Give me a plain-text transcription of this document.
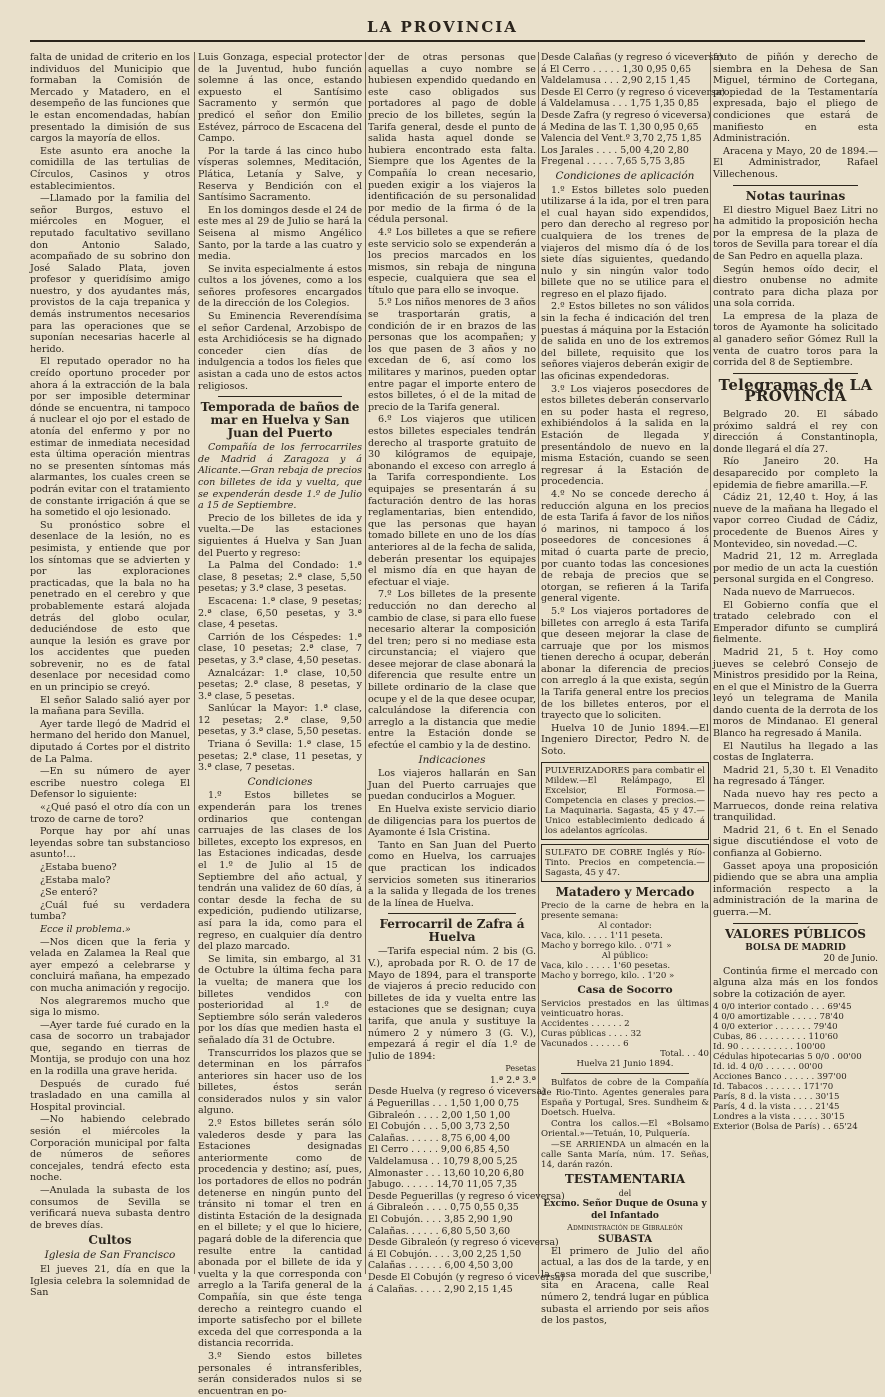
LA PROVINCIA

falta de unidad de criterio en los individuos del Municipio que formaban la Comisión de Mercado y Matadero, en el desempeño de las funciones que le estan encomendadas, habían presentado la dimisión de sus cargos la mayoría de ellos.

Este asunto era anoche la comidilla de las tertulias de Círculos, Casinos y otros establecimientos.

—Llamado por la familia del señor Burgos, estuvo el miércoles en Moguer, el reputado facultativo sevillano don Antonio Salado, acompañado de su sobrino don José Salado Plata, joven profesor y queridísimo amigo nuestro, y dos ayudantes más, provistos de la caja trepanica y demás instrumentos necesarios para las operaciones que se suponían necesarias hacerle al herido.

El reputado operador no ha creído oportuno proceder por ahora á la extracción de la bala por ser imposible determinar dónde se encuentra, ni tampoco á nuclear el ojo por el estado de atonía del enfermo y por no estimar de inmediata necesidad esta última operación mientras no se presenten síntomas más alarmantes, los cuales creen se podrán evitar con el tratamiento de constante irrigación á que se ha sometido el ojo lesionado.

Su pronóstico sobre el desenlace de la lesión, no es pesimista, y entiende que por los síntomas que se advierten y por las exploraciones practicadas, que la bala no ha penetrado en el cerebro y que probablemente estará alojada detrás del globo ocular, deduciéndose de esto que aunque la lesión es grave por los accidentes que pueden sobrevenir, no es de fatal desenlace por necesidad como en un principio se creyó.

El señor Salado salió ayer por la mañana para Sevilla.

Ayer tarde llegó de Madrid el hermano del herido don Manuel, diputado á Cortes por el distrito de La Palma.

—En su número de ayer escribe nuestro colega El Defensor lo siguiente:

«¿Qué pasó el otro día con un trozo de carne de toro?

Porque hay por ahí unas leyendas sobre tan substancioso asunto!...

¿Estaba bueno?

¿Estaba malo?

¿Se enteró?

¿Cuál fué su verdadera tumba?

Ecce il problema.»

—Nos dicen que la feria y velada en Zalamea la Real que ayer empezó a celebrarse y concluirá mañana, ha empezado con mucha animación y regocijo.

Nos alegraremos mucho que siga lo mismo.

—Ayer tarde fué curado en la casa de socorro un trabajador que, segando en tierras de Montija, se produjo con una hoz en la rodilla una grave herida.

Después de curado fué trasladado en una camilla al Hospital provincial.

—No habiendo celebrado sesión el miércoles la Corporación municipal por falta de números de señores concejales, tendrá efecto esta noche.

—Anulada la subasta de los consumos de Sevilla se verificará nueva subasta dentro de breves días.

Cultos
Iglesia de San Francisco

El jueves 21, día en que la Iglesia celebra la solemnidad de San

Luis Gonzaga, especial protector de la Juventud, hubo función solemne á las once, estando expuesto el Santísimo Sacramento y sermón que predicó el señor don Emilio Estévez, párroco de Escacena del Campo.

Por la tarde á las cinco hubo vísperas solemnes, Meditación, Plática, Letanía y Salve, y Reserva y Bendición con el Santísimo Sacramento.

En los domingos desde el 24 de este mes al 29 de Julio se hará la Seisena al mismo Angélico Santo, por la tarde a las cuatro y media.

Se invita especialmente á estos cultos a los jóvenes, como a los señores profesores encargados de la dirección de los Colegios.

Su Eminencia Reverendísima el señor Cardenal, Arzobispo de esta Archidiócesis se ha dignado conceder cien días de indulgencia a todos los fieles que asistan a cada uno de estos actos religiosos.

Temporada de baños de mar en Huelva y San Juan del Puerto

Compañía de los ferrocarriles de Madrid á Zaragoza y á Alicante.—Gran rebaja de precios con billetes de ida y vuelta, que se expenderán desde 1.º de Julio a 15 de Septiembre.

Precio de los billetes de ida y vuelta.—De las estaciones siguientes á Huelva y San Juan del Puerto y regreso:

La Palma del Condado: 1.ª clase, 8 pesetas; 2.ª clase, 5,50 pesetas; y 3.ª clase, 3 pesetas.

Escacena: 1.ª clase, 9 pesetas; 2.ª clase, 6,50 pesetas, y 3.ª clase, 4 pesetas.

Carrión de los Céspedes: 1.ª clase, 10 pesetas; 2.ª clase, 7 pesetas, y 3.ª clase, 4,50 pesetas.

Aznalcázar: 1.ª clase, 10,50 pesetas; 2.ª clase, 8 pesetas, y 3.ª clase, 5 pesetas.

Sanlúcar la Mayor: 1.ª clase, 12 pesetas; 2.ª clase, 9,50 pesetas, y 3.ª clase, 5,50 pesetas.

Triana ó Sevilla: 1.ª clase, 15 pesetas; 2.ª clase, 11 pesetas, y 3.ª clase, 7 pesetas.

Condiciones

1.º Estos billetes se expenderán para los trenes ordinarios que contengan carruajes de las clases de los billetes, excepto los expresos, en las Estaciones indicadas, desde el 1.º de Julio al 15 de Septiembre del año actual, y tendrán una validez de 60 días, á contar desde la fecha de su expedición, pudiendo utilizarse, así para la ida, como para el regreso, en cualquier día dentro del plazo marcado.

Se limita, sin embargo, al 31 de Octubre la última fecha para la vuelta; de manera que los billetes vendidos con posterioridad al 1.º de Septiembre sólo serán valederos por los días que medien hasta el señalado día 31 de Octubre.

Transcurridos los plazos que se determinan en los párrafos anteriores sin hacer uso de los billetes, éstos serán considerados nulos y sin valor alguno.

2.º Estos billetes serán sólo valederos desde y para las Estaciones designadas anteriormente como de procedencia y destino; así, pues, los portadores de ellos no podrán detenerse en ningún punto del tránsito ni tomar el tren en distinta Estación de la designada en el billete; y el que lo hiciere, pagará doble de la diferencia que resulte entre la cantidad abonada por el billete de ida y vuelta y la que corresponda con arreglo a la Tarifa general de la Compañía, sin que éste tenga derecho a reintegro cuando el importe satisfecho por el billete exceda del que corresponda a la distancia recorrida.

3.º Siendo estos billetes personales é intransferibles, serán considerados nulos si se encuentran en po-

der de otras personas que aquellas a cuyo nombre se hubiesen expendido quedando en este caso obligados sus portadores al pago de doble precio de los billetes, según la Tarifa general, desde el punto de salida hasta aquel donde se hubiera encontrado esta falta. Siempre que los Agentes de la Compañía lo crean necesario, pueden exigir a los viajeros la identificación de su personalidad por medio de la firma ó de la cédula personal.

4.º Los billetes a que se refiere este servicio solo se expenderán a los precios marcados en los mismos, sin rebaja de ninguna especie, cualquiera que sea el título que para ello se invoque.

5.º Los niños menores de 3 años se trasportarán gratis, a condición de ir en brazos de las personas que los acompañen; y los que pasen de 3 años y no excedan de 6, así como los militares y marinos, pueden optar entre pagar el importe entero de estos billetes, ó el de la mitad de precio de la Tarifa general.

6.º Los viajeros que utilicen estos billetes especiales tendrán derecho al trasporte gratuito de 30 kilógramos de equipaje, abonando el exceso con arreglo á la Tarifa correspondiente. Los equipajes se presentarán á su facturación dentro de las horas reglamentarias, bien entendido, que las personas que hayan tomado billete en uno de los días anteriores al de la fecha de salida, deberán presentar los equipajes el mismo día en que hayan de efectuar el viaje.

7.º Los billetes de la presente reducción no dan derecho al cambio de clase, si para ello fuese necesario alterar la composición del tren; pero si no mediase esta circunstancia; el viajero que desee mejorar de clase abonará la diferencia que resulte entre un billete ordinario de la clase que ocupe y el de la que desee ocupar, calculándose la diferencia con arreglo a la distancia que medie entre la Estación donde se efectúe el cambio y la de destino.

Indicaciones

Los viajeros hallarán en San Juan del Puerto carruajes que puedan conducirlos a Moguer.

En Huelva existe servicio diario de diligencias para los puertos de Ayamonte é Isla Cristina.

Tanto en San Juan del Puerto como en Huelva, los carruajes que practican los indicados servicios someten sus itinerarios a la salida y llegada de los trenes de la línea de Huelva.

Ferrocarril de Zafra á Huelva

—Tarifa especial núm. 2 bis (G. V.), aprobada por R. O. de 17 de Mayo de 1894, para el transporte de viajeros á precio reducido con billetes de ida y vuelta entre las estaciones que se designan; cuya tarifa, que anula y sustituye la número 2 y número 3 (G. V.), empezará á regir el día 1.º de Julio de 1894:

Pesetas
1.ª 2.ª 3.ª
Desde Huelva (y regreso ó viceversa)
á Peguerillas . . . 1,50 1,00 0,75
Gibraleón . . . . 2,00 1,50 1,00
El Cobujón . . . 5,00 3,73 2,50
Calañas. . . . . . 8,75 6,00 4,00
El Cerro . . . . . 9,00 6,85 4,50
Valdelamusa . . 10,79 8,00 5,25
Almonaster . . . 13,60 10,20 6,80
Jabugo. . . . . . 14,70 11,05 7,35
Desde Peguerillas (y regreso ó viceversa)
á Gibraleón . . . . 0,75 0,55 0,35
El Cobujón. . . . 3,85 2,90 1,90
Calañas. . . . . . 6,80 5,50 3,60
Desde Gibraleón (y regreso ó viceversa)
á El Cobujón. . . . 3,00 2,25 1,50
Calañas . . . . . . 6,00 4,50 3,00
Desde El Cobujón (y regreso ó viceversa)
á Calañas. . . . . 2,90 2,15 1,45
Desde Calañas (y regreso ó viceversa)
á El Cerro . . . . . 1,30 0,95 0,65
Valdelamusa . . . 2,90 2,15 1,45
Desde El Cerro (y regreso ó viceversa)
á Valdelamusa . . . 1,75 1,35 0,85
Desde Zafra (y regreso ó viceversa)
á Medina de las T. 1,30 0,95 0,65
Valencia del Vent.º 3,70 2,75 1,85
Los Jarales . . . . 5,00 4,20 2,80
Fregenal . . . . . 7,65 5,75 3,85
Condiciones de aplicación

1.º Estos billetes solo pueden utilizarse á la ida, por el tren para el cual hayan sido expendidos, pero dan derecho al regreso por cualquiera de los trenes de viajeros del mismo día ó de los siete días siguientes, quedando nulo y sin ningún valor todo billete que no se utilice para el regreso en el plazo fijado.

2.º Estos billetes no son válidos sin la fecha é indicación del tren puestas á máquina por la Estación de salida en uno de los extremos del billete, requisito que los señores viajeros deberán exigir de las oficinas expendedoras.

3.º Los viajeros posecdores de estos billetes deberán conservarlo en su poder hasta el regreso, exhibiéndolos á la salida en la Estación de llegada y presentándolo de nuevo en la misma Estación, cuando se seen regresar á la Estación de procedencia.

4.º No se concede derecho á reducción alguna en los precios de esta Tarifa á favor de los niños ó marinos, ni tampoco á los poseedores de concesiones á mitad ó cuarta parte de precio, por cuanto todas las concesiones de rebaja de precios que se otorgan, se refieren á la Tarifa general vigente.

5.º Los viajeros portadores de billetes con arreglo á esta Tarifa que deseen mejorar la clase de carruaje que por los mismos tienen derecho á ocupar, deberán abonar la diferencia de precios con arreglo á la que exista, según la Tarifa general entre los precios de los billetes enteros, por el trayecto que lo soliciten.

Huelva 10 de Junio 1894.—El Ingeniero Director, Pedro N. de Soto.

PULVERIZADORES para combatir el Mildew.—El Relámpago, El Excelsior, El Formosa.—Competencia en clases y precios.—La Maquinaria. Sagasta, 45 y 47.—Unico establecimiento dedicado á los adelantos agrícolas.
SULFATO DE COBRE Inglés y Río-Tinto. Precios en competencia.—Sagasta, 45 y 47.
Matadero y Mercado
Precio de la carne de hebra en la presente semana:
Al contador:
Vaca, kilo. . . . . 1'11 peseta.
Macho y borrego kilo. . 0'71 »
Al público:
Vaca, kilo . . . . . 1'60 pesetas.
Macho y borrego, kilo. . 1'20 »
Casa de Socorro
Servicios prestados en las últimas veinticuatro horas.
Accidentes . . . . . . 2
Curas públicas . . . . 32
Vacunados . . . . . . 6
Total. . . 40
Huelva 21 Junio 1894.

Bulfatos de cobre de la Compañía de Rio-Tinto. Agentes generales para España y Portugal, Sres. Sundheim & Doetsch. Huelva.

Contra los callos.—El «Bolsamo Oriental.»—Tetuán, 10, Pulquería.

—SE ARRIENDA un almacén en la calle Santa María, núm. 17. Señas, 14, darán razón.

TESTAMENTARIA
del
Excmo. Señor Duque de Osuna y del Infantado
Administración de Gibraleón
SUBASTA

El primero de Julio del año actual, a las dos de la tarde, y en la casa morada del que suscribe, sita en Aracena, calle Real número 2, tendrá lugar en pública subasta el arriendo por seis años de los pastos,

fruto de piñón y derecho de siembra en la Dehesa de San Miguel, término de Cortegana, propiedad de la Testamentaría expresada, bajo el pliego de condiciones que estará de manifiesto en esta Administración.

Aracena y Mayo, 20 de 1894.—El Administrador, Rafael Villechenous.

Notas taurinas

El diestro Miguel Baez Litri no ha admitido la proposición hecha por la empresa de la plaza de toros de Sevilla para torear el día de San Pedro en aquella plaza.

Según hemos oído decir, el diestro onubense no admite contrato para dicha plaza por una sola corrida.

La empresa de la plaza de toros de Ayamonte ha solicitado al ganadero señor Gómez Rull la venta de cuatro toros para la corrida del 8 de Septiembre.

Telegramas de LA PROVINCIA

Belgrado 20. El sábado próximo saldrá el rey con dirección á Constantinopla, donde llegará el día 27.

Río Janeiro 20. Ha desaparecido por completo la epidemia de fiebre amarilla.—F.

Cádiz 21, 12,40 t. Hoy, á las nueve de la mañana ha llegado el vapor correo Ciudad de Cádiz, procedente de Buenos Aires y Montevideo, sin novedad.—C.

Madrid 21, 12 m. Arreglada por medio de un acta la cuestión personal surgida en el Congreso.

Nada nuevo de Marruecos.

El Gobierno confía que el tratado celebrado con el Emperador difunto se cumplirá fielmente.

Madrid 21, 5 t. Hoy como jueves se celebró Consejo de Ministros presidido por la Reina, en el que el Ministro de la Guerra leyó un telegrama de Manila dando cuenta de la derrota de los moros de Mindanao. El general Blanco ha regresado á Manila.

El Nautilus ha llegado a las costas de Inglaterra.

Madrid 21, 5,30 t. El Venadito ha regresado á Tánger.

Nada nuevo hay res pecto a Marruecos, donde reina relativa tranquilidad.

Madrid 21, 6 t. En el Senado sigue discutiéndose el voto de confianza al Gobierno.

Gasset apoya una proposición pidiendo que se abra una amplia información respecto a la administración de la marina de guerra.—M.

VALORES PÚBLICOS
BOLSA DE MADRID
20 de Junio.

Continúa firme el mercado con alguna alza más en los fondos sobre la cotización de ayer.

4 0/0 interior contado . . . 69'45
4 0/0 amortizable . . . . . 78'40
4 0/0 exterior . . . . . . . 79'40
Cubas, 86 . . . . . . . . . 110'60
Id. 90 . . . . . . . . . . 100'00
Cédulas hipotecarias 5 0/0 . 00'00
Id. id. 4 0/0 . . . . . . 00'00
Acciones Banco . . . . . . 397'00
Id. Tabacos . . . . . . . 171'70
París, 8 d. la vista . . . . 30'15
París, 4 d. la vista . . . . 21'45
Londres a la vista . . . . . 30'15
Exterior (Bolsa de París) . . 65'24
